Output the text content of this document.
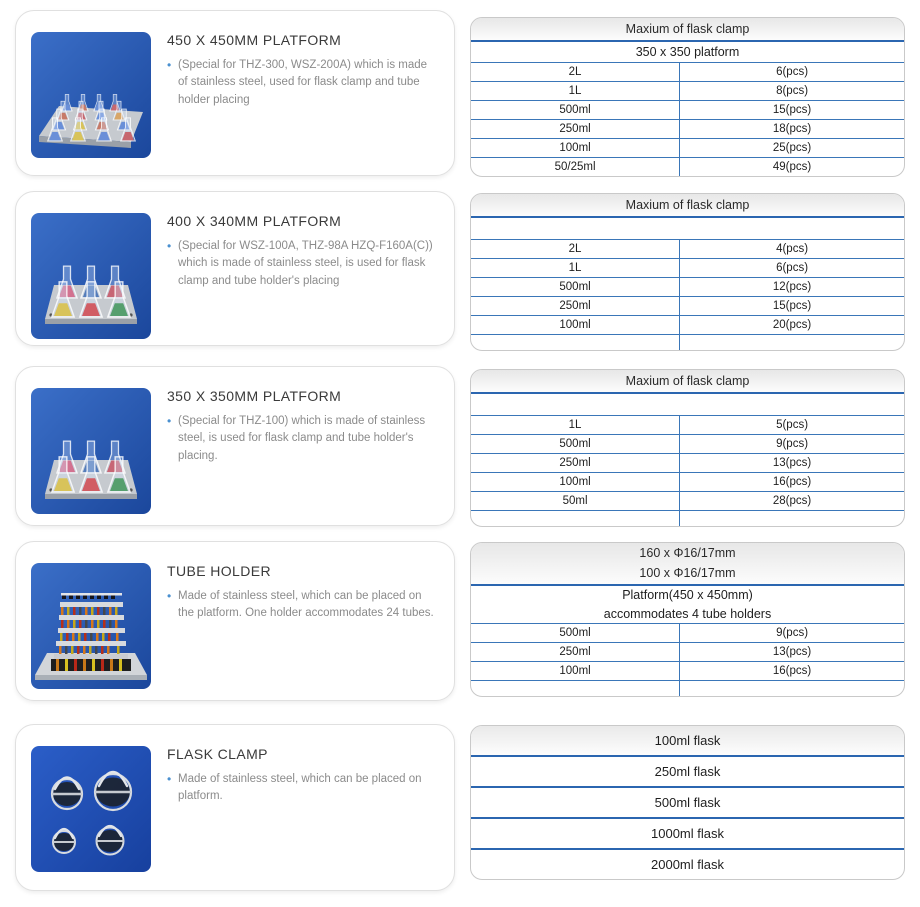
450 X 450MM PLATFORM
• (Special for THZ-300, WSZ-200A) which is made of stainless steel, used for flask clamp and tube holder placing
Maxium of flask clamp
350 x 350 platform
2L	6(pcs)
1L	8(pcs)
500ml	15(pcs)
250ml	18(pcs)
100ml	25(pcs)
50/25ml	49(pcs)
400 X 340MM PLATFORM
• (Special for WSZ-100A, THZ-98A HZQ-F160A(C)) which is made of stainless steel, is used for flask clamp and tube holder's placing
Maxium of flask clamp
2L	4(pcs)
1L	6(pcs)
500ml	12(pcs)
250ml	15(pcs)
100ml	20(pcs)
350 X 350MM PLATFORM
• (Special for THZ-100) which is made of stainless steel, is used for flask clamp and tube holder's placing.
Maxium of flask clamp
1L	5(pcs)
500ml	9(pcs)
250ml	13(pcs)
100ml	16(pcs)
50ml	28(pcs)
TUBE HOLDER
• Made of stainless steel, which can be placed on the platform. One holder accommodates 24 tubes.
160 x Φ16/17mm
100 x Φ16/17mm
Platform(450 x 450mm)
accommodates 4 tube holders
500ml	9(pcs)
250ml	13(pcs)
100ml	16(pcs)
FLASK CLAMP
• Made of stainless steel, which can be placed on platform.
100ml flask
250ml flask
500ml flask
1000ml flask
2000ml flask
